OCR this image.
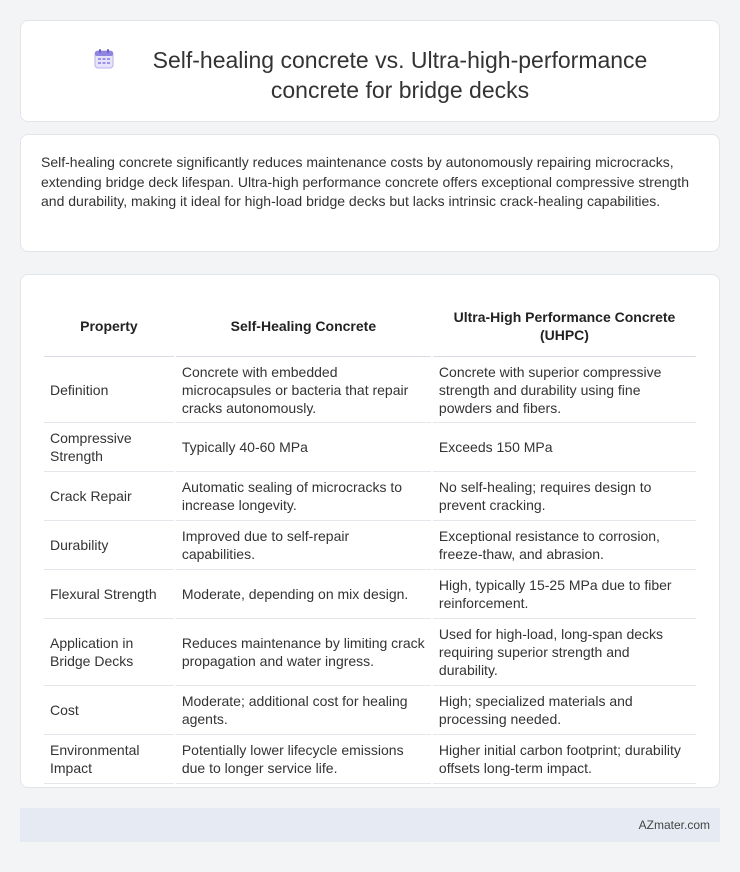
Self-healing concrete vs. Ultra-high-performance concrete for bridge decks

Self-healing concrete significantly reduces maintenance costs by autonomously repairing microcracks, extending bridge deck lifespan. Ultra-high performance concrete offers exceptional compressive strength and durability, making it ideal for high-load bridge decks but lacks intrinsic crack-healing capabilities.

Property	Self-Healing Concrete	Ultra-High Performance Concrete (UHPC)
Definition	Concrete with embedded microcapsules or bacteria that repair cracks autonomously.	Concrete with superior compressive strength and durability using fine powders and fibers.
Compressive Strength	Typically 40-60 MPa	Exceeds 150 MPa
Crack Repair	Automatic sealing of microcracks to increase longevity.	No self-healing; requires design to prevent cracking.
Durability	Improved due to self-repair capabilities.	Exceptional resistance to corrosion, freeze-thaw, and abrasion.
Flexural Strength	Moderate, depending on mix design.	High, typically 15-25 MPa due to fiber reinforcement.
Application in Bridge Decks	Reduces maintenance by limiting crack propagation and water ingress.	Used for high-load, long-span decks requiring superior strength and durability.
Cost	Moderate; additional cost for healing agents.	High; specialized materials and processing needed.
Environmental Impact	Potentially lower lifecycle emissions due to longer service life.	Higher initial carbon footprint; durability offsets long-term impact.
AZmater.com
